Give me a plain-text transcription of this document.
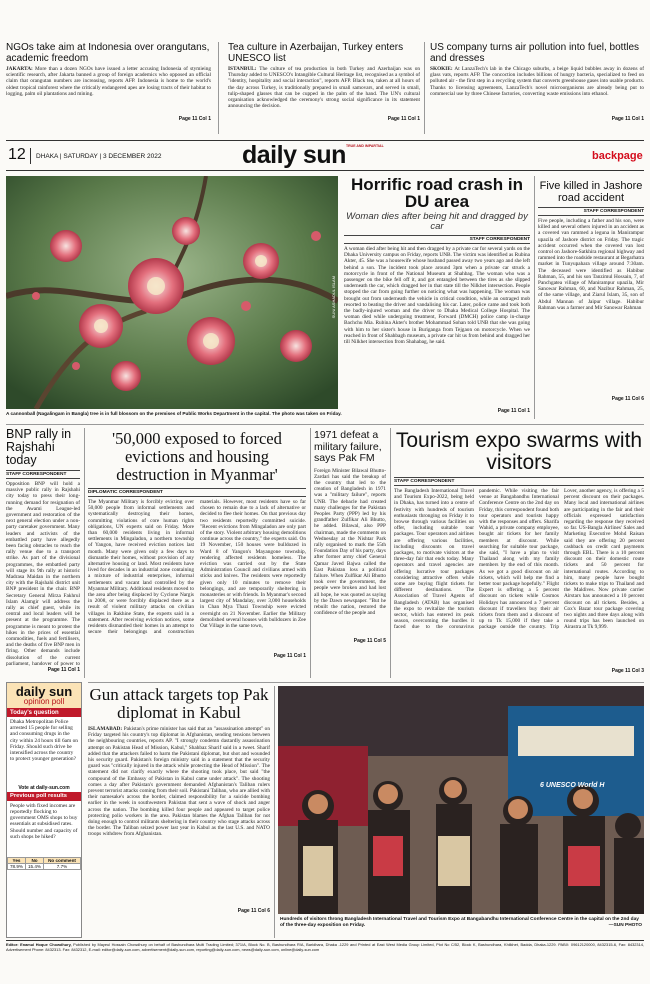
NGOs take aim at Indonesia over orangutans, academic freedom
JAKARTA: More than a dozen NGOs have issued a letter accusing Indonesia of stymieing scientific research, after Jakarta banned a group of foreign academics who opposed an official claim that orangutan numbers are increasing, reports AFP. Indonesia is home to the world's oldest tropical rainforest where the critically endangered apes are losing tracts of their habitat to logging, palm oil plantations and mining.
Page 11 Col 1
Tea culture in Azerbaijan, Turkey enters UNESCO list
ISTANBUL: The culture of tea production in both Turkey and Azerbaijan was on Thursday added to UNESCO's Intangible Cultural Heritage list, recognised as a symbol of "identity, hospitality and social interaction", reports AFP. Black tea, taken at all hours of the day across Turkey, is traditionally prepared in small samovars, and served in small, tulip-shaped glasses that can be cupped in the palm of the hand. The UN's cultural organisation acknowledged the ceremony's strong social significance in its statement announcing the decision.
Page 11 Col 1
US company turns air pollution into fuel, bottles and dresses
SKOKIE: At LanzaTech's lab in the Chicago suburbs, a beige liquid bubbles away in dozens of glass vats, reports AFP. The concoction includes billions of hungry bacteria, specialized to feed on polluted air - the first step in a recycling system that converts greenhouse gases into usable products. Thanks to licensing agreements, LanzaTech's novel microorganisms are already being put to commercial use by three Chinese factories, converting waste emissions into ethanol.
Page 11 Col 1
12 DHAKA | SATURDAY | 3 DECEMBER 2022	daily sun TRUE AND IMPARTIAL
backpage
SUN/ ASHADUL ISLAM
A cannonball (Nagalingam in Bangla) tree is in full blossom on the premises of Public Works Department in the capital. The photo was taken on Friday.
Horrific road crash in DU area
Woman dies after being hit and dragged by car
STAFF CORRESPONDENT
A woman died after being hit and then dragged by a private car for several yards on the Dhaka University campus on Friday, reports UNB. The victim was identified as Rubina Akter, 45. She was a housewife whose husband passed away two years ago and she left behind a son. The incident took place around 3pm when a private car struck a motorcycle in front of the National Museum at Shahbag. The woman who was a passenger on the bike fell off it, and got entangled between the tires as she slipped underneath the car, which dragged her in that state till the Nilkhet intersection. People stopped the car from going further on noticing what was happening. The woman was brought out from underneath the vehicle in critical condition, while an outraged mob resorted to beating the driver and vandalising his car. Later, police came and took both the badly-injured woman and the driver to Dhaka Medical College Hospital. The woman died while undergoing treatment, Forward (DMCH) police camp in-charge Bachchu Mia. Rubina Akter's brother Mohammad Sohan told UNB that she was going with him to her sister's house in Buriganga from Tejgaon on motorcycle. When we reached in front of Shahbagh museum, a private car hit us from behind and dragged her till Nilkhet intersection from Shahabag, he said.
Page 11 Col 1
Five killed in Jashore road accident
STAFF CORRESPONDENT
Five people, including a father and his son, were killed and several others injured in an accident as a covered van rammed a leguna in Manirampur upazila of Jashore district on Friday. The tragic accident occurred when the covered van lost control on Jashore-Satkhira regional highway and rammed into the roadside restaurant at Begarhatra market in Tunyupahara village around 7:30am. The deceased were identified as Habibur Rahman, 55, and his son Tanzimul Hossain, 7, of Panchgatea village of Manirampur upazila, Mir Sanowar Rahman, 60, and Nazibur Rahman, 25, of the same village, and Ziarul Islam, 35, son of Abdul Mannan of Jaipur village. Habibur Rahman was a farmer and Mir Sanowar Rahman
Page 11 Col 6
BNP rally in Rajshahi today
STAFF CORRESPONDENT
Opposition BNP will hold a massive public rally in Rajshahi city today to press their long-running demand for resignation of the Awami League-led government and restoration of the next general election under a non-party caretaker government. Many leaders and activists of the embattled party have allegedly been facing obstacles to reach the rally venue due to a transport strike. As part of the divisional programmes, the embattled party will stage its 9th rally at historic Madrasa Maidan in the northern city with the Rajshahi district unit BNP president in the chair. BNP Secretary General Mirza Fakhrul Islam Alamgir will address the rally as chief guest, while its central and local leaders will be present at the programme. The programme is meant to protest the hikes in the prices of essential commodities, fuels and fertilisers, and the deaths of five BNP men in firing. Other demands include dissolution of the current parliament, handover of power to
Page 11 Col 1
'50,000 exposed to forced evictions and housing destruction in Myanmar'
DIPLOMATIC CORRESPONDENT
The Myanmar Military is forcibly evicting over 50,000 people from informal settlements and systematically destroying their homes, committing violations of core human rights obligations, UN experts said on Friday. More than 60,000 residents living in informal settlements in Mingaladon, a northern township of Yangon, have received eviction notices last month. Many were given only a few days to dismantle their homes, without provision of any alternative housing or land. Most residents have lived for decades in an industrial zone containing a mixture of industrial enterprises, informal settlements and vacant land controlled by the Myanmar Military. Additional residents moved to the area after being displaced by Cyclone Nargis in 2008, or were forcibly displaced there as a result of violent military attacks on civilian villages in Rakhine State, the experts said in a statement. After receiving eviction notices, some residents dismantled their homes in an attempt to secure their belongings and construction materials. However, most residents have so far chosen to remain due to a lack of alternative or decided to flee their homes. On that previous day two residents reportedly committed suicide. "Recent evictions from Mingaladon are only part of the story. Violent arbitrary housing demolitions continue across the country," the experts said. On 19 November, 150 houses were bulldozed in Ward 8 of Yangon's Mayangone township, rendering affected residents homeless. The eviction was carried out by the State Administration Council and civilians armed with sticks and knives. The residents were reportedly given only 10 minutes to remove their belongings, and are temporarily sheltering in monasteries or with friends. In Myanmar's second largest city of Mandalay, over 3,000 households in Chan Mya Thazi Township were evicted overnight on 21 November. Earlier the Military demolished several houses with bulldozers in Zee Oat Village in the same town,
Page 11 Col 1
1971 defeat a military failure, says Pak FM
Foreign Minister Bilawal Bhutto-Zardari has said the breakup of the country that led to the creation of Bangladesh in 1971 was a "military failure", reports UNB. The debacle had created many challenges for the Pakistan Peoples Party (PPP) led by his grandfather Zulfikar Ali Bhutto, he added. Bilawal, also PPP chairman, made the comments on Wednesday at the Nishtar Park rally organised to mark the 55th Foundation Day of his party, days after former army chief General Qamar Javed Bajwa called the East Pakistan loss a political failure. When Zulfikar Ali Bhutto took over the government, the people were broken and had lost all hope, he was quoted as saying by the Dawn newspaper. "But he rebuilt the nation, restored the confidence of the people and
Page 11 Col 5
Tourism expo swarms with visitors
STAFF CORRESPONDENT
The Bangladesh International Travel and Tourism Expo-2022, being held in Dhaka, has turned into a centre of festivity with hundreds of tourism enthusiasts thronging on Friday it to browse through various facilities on offer, including suitable tour packages. Tour operators and airlines are offering various facilities, including discounts on travel packages, to motivate visitors at the three-day fair that ends today. Many operators and travel agencies are offering lucrative tour packages considering attractive offers while some are buying flight tickets for different destinations. The Association of Travel Agents of Bangladesh (ATAB) has organised the expo to revitalize the tourism sector, which has entered its peak season, overcoming the hurdles it faced due to the coronavirus pandemic. While visiting the fair venue at Bangabandhu International Conference Centre on the 2nd day on Friday, this correspondent found both tour operators and tourists happy with the responses and offers. Sharifa Wahid, a private company employee, bought air tickets for her family members at discount. While searching for suitable tour package, she said, "I have a plan to visit Thailand along with my family members by the end of this month. As we got a good discount on air tickets, which will help me find a better tour package hopefully." Flight Expert is offering a 5 percent discount on tickets while Cosmos Holidays has announced a 7 percent discount if travellers buy their air tickets from them and a discount of up to Tk 15,000 if they take a package outside the country. Trip Lover, another agency, is offering a 5 percent discount on their packages. Many local and international airlines are participating in the fair and their officials expressed satisfaction regarding the response they received so far. US-Bangla Airlines' Sales and Marketing Executive Mohd Raisan said they are offering 20 percent cashback on credit card payments through EBL. There is a 10 percent discount on their domestic route tickets and 50 percent for international routes. According to him, many people have bought tickets to make trips to Thailand and the Maldives. Now private carrier Airstars has announced a 10 percent discount on all tickets. Besides, a Cox's Bazar tour package covering two nights and three days along with round trips has been launched on Airastra at Tk 9,999.
Page 11 Col 3
daily sun
opinion poll
Today's question
Dhaka Metropolitan Police arrested 15 people for selling and consuming drugs in the city within 24 hours till 6am on Friday. Should such drive be intensified across the country to protect younger generation?
Vote at daily-sun.com
Previous poll results
People with fixed incomes are reportedly flocking to government OMS shops to buy essentials at subsidised rates. Should number and capacity of such shops be hiked?
Yes	No	No comment
78.9%	15.4%	7.7%
Gun attack targets top Pak diplomat in Kabul
ISLAMABAD: Pakistan's prime minister has said that an "assassination attempt" on Friday targeted his country's top diplomat in Afghanistan, sending tensions between the neighbouring countries, reports AP. "I strongly condemn dastardly assassination attempt on Pakistan Head of Mission, Kabul," Shahbaz Sharif said in a tweet. Sharif added that the attackers failed to harm the Pakistani diplomat, but shot and wounded his security guard. Pakistan's foreign ministry said in a statement that the security guard was "critically injured in the attack while protecting the Head of Mission". The statement did not clarify exactly where the shooting took place, but said "the compound of the Embassy of Pakistan in Kabul came under attack". The shooting comes a day after Pakistan's government demanded Afghanistan's Taliban rulers prevent terrorist attacks coming from their soil. Pakistani Taliban, who are allied with their namesake's across the border, claimed responsibility for a suicide bombing earlier in the week in southwestern Pakistan that sent a wave of shock and anger across the nation. The bombing killed four people and appeared to target police protecting polio workers in the area. Pakistan blames the Afghan Taliban for not doing enough to control militants sheltering in their country who stage attacks across the border. The Taliban seized power last year in Kabul as the last U.S. and NATO troops withdrew from Afghanistan.
Page 11 Col 6
6 UNESCO World H
Hundreds of visitors throng Bangladesh International Travel and Tourism Expo at Bangabandhu International Conference Centre in the capital on the 2nd day of the three-day exposition on Friday.	—SUN PHOTO
Editor: Enamul Hoque Chowdhury, Published by Mayeul Hossain Chowdhury on behalf of Bashundhara Multi Trading Limited; 371/A, Block No. B, Bashundhara R/A, Baridhara, Dhaka -1229 and Printed at East West Media Group Limited, Plot No C/52, Block K, Bashundhara, Khilkhet, Badda, Dhaka-1229. PABX: 09612120000, 8432315-6, Fax: 8432314, Advertisement Phone: 8432313. Fax: 8432312, E-mail: editor@daily-sun.com, advertisement@daily-sun.com, reporting@daily-sun.com, news@daily-sun.com, online@daily-sun.com
